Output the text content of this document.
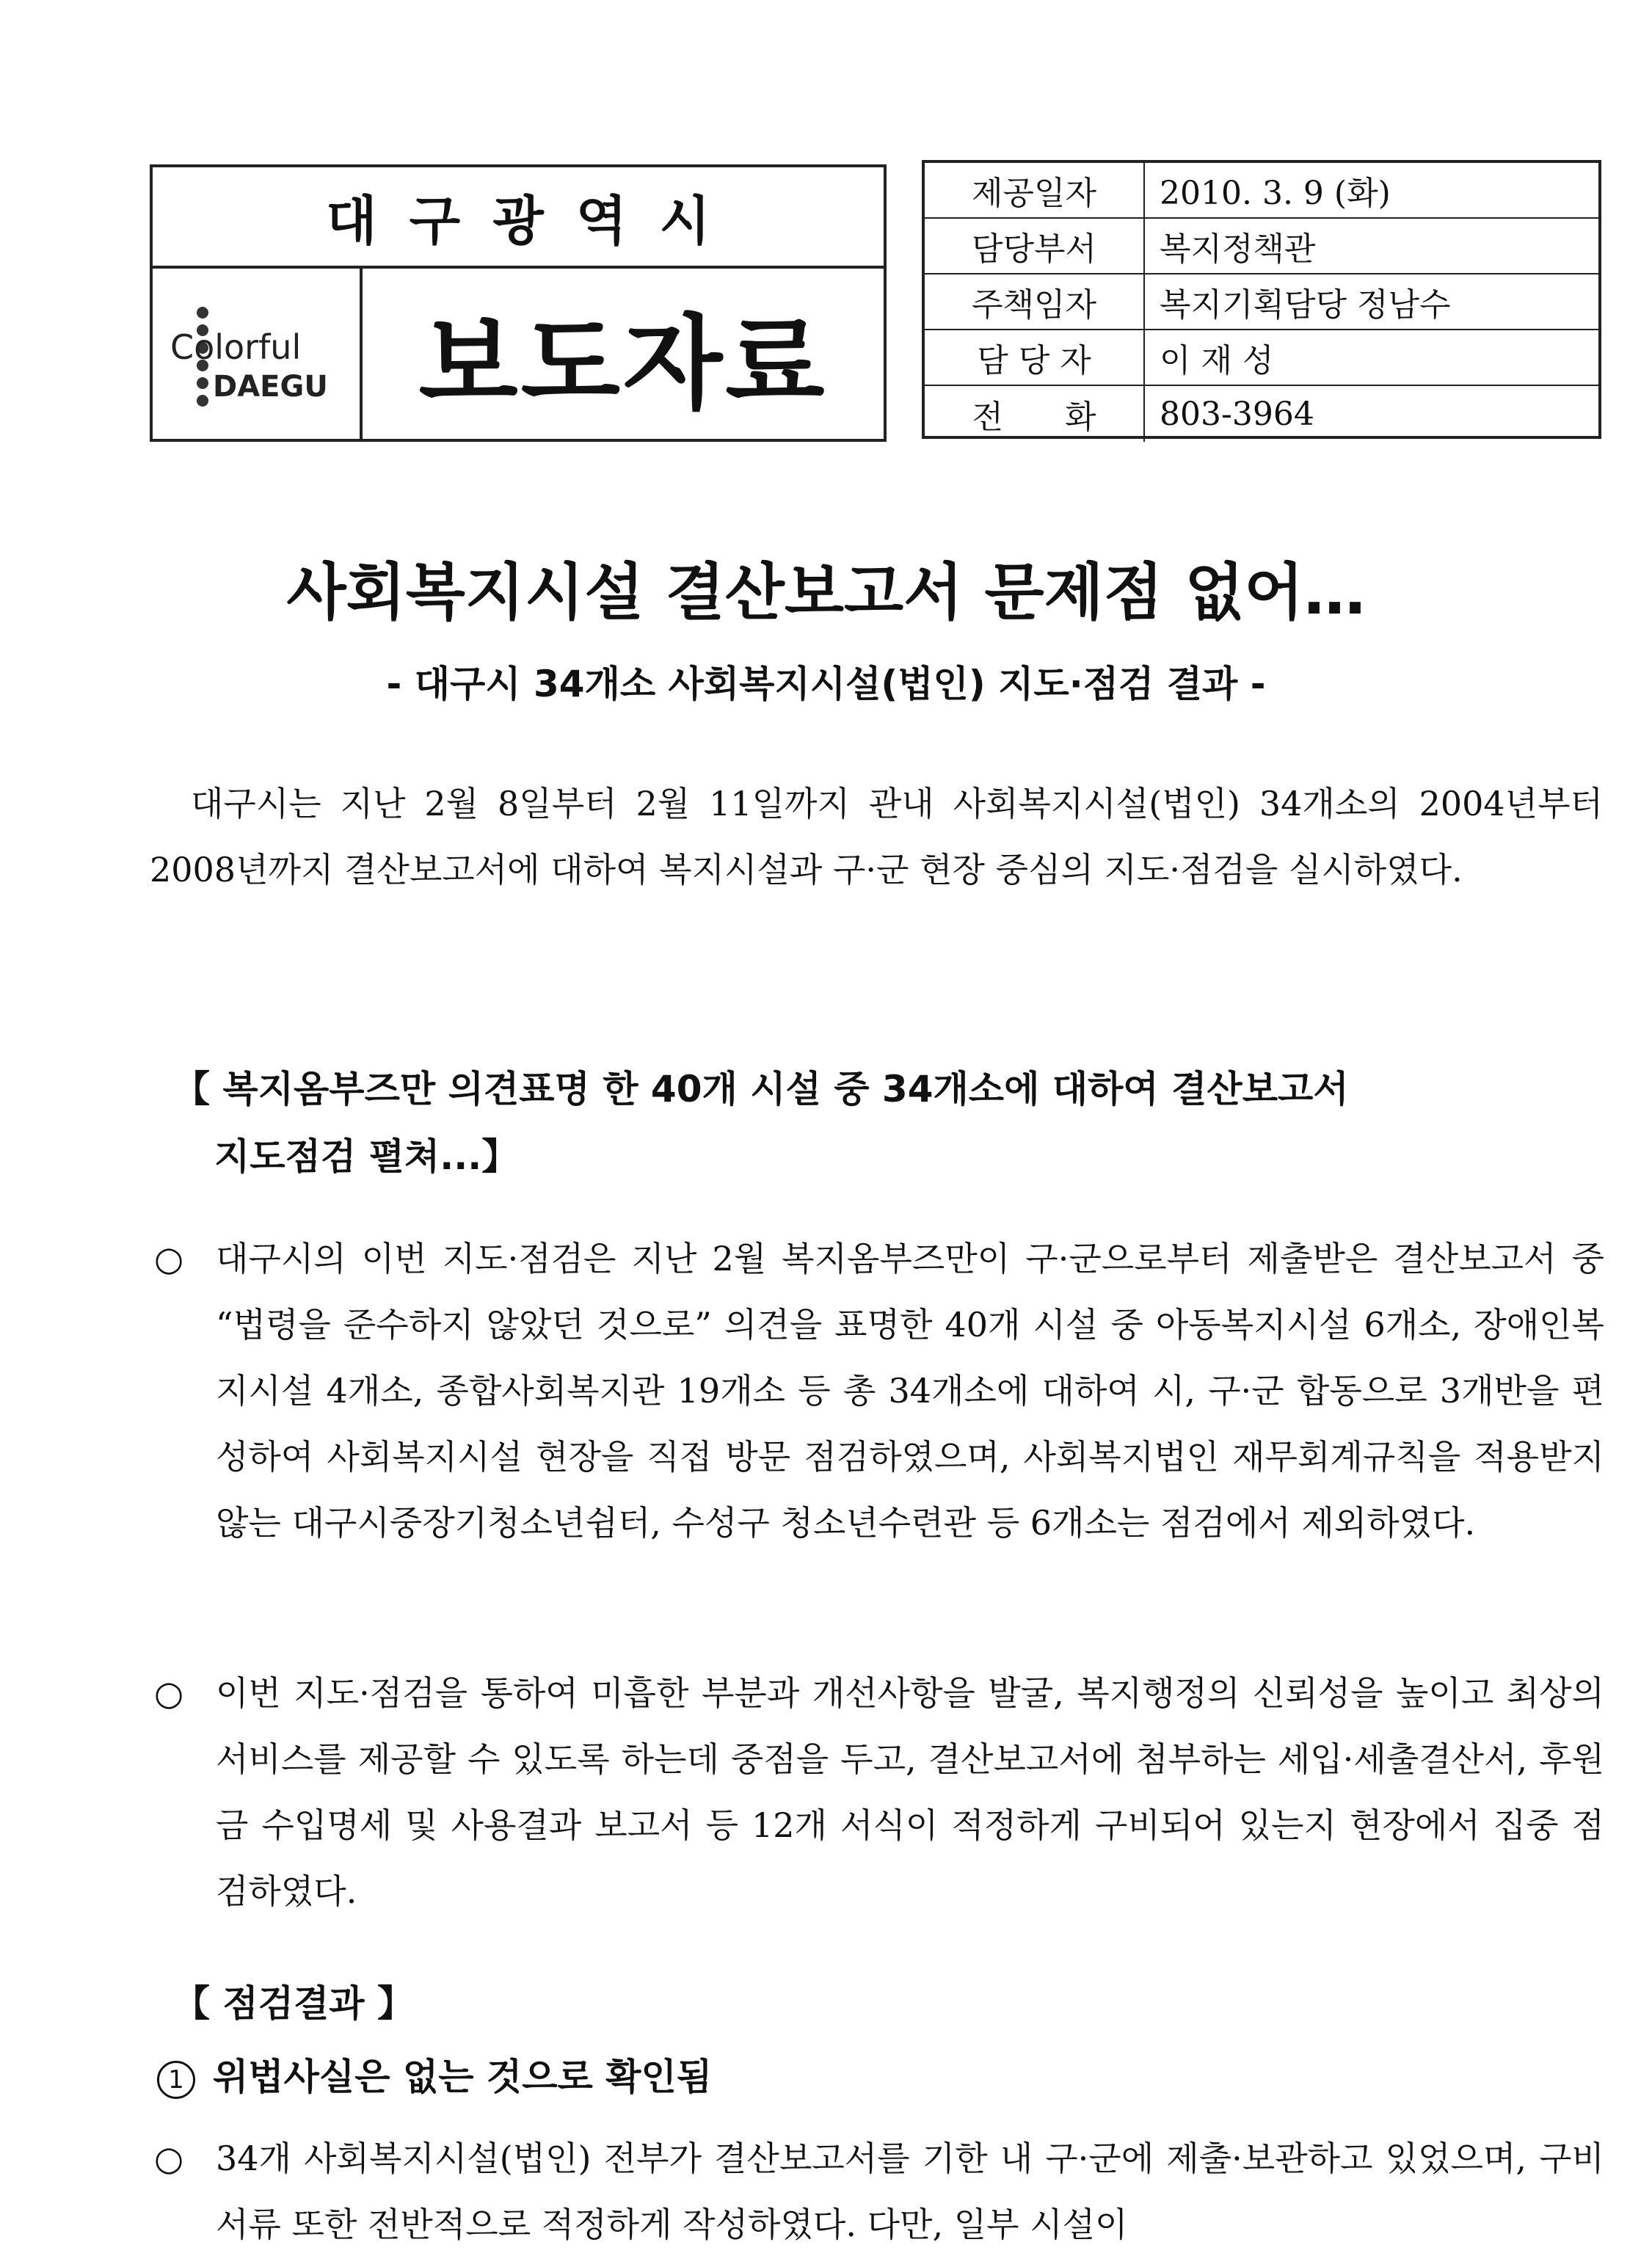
대구광역시
Colorful
DAEGU 보도자료
제공일자	2010. 3. 9 (화)
담당부서	복지정책관
주책임자	복지기획담당 정남수
담 당 자	이 재 성
전      화	803-3964
사회복지시설 결산보고서 문제점 없어…
- 대구시 34개소 사회복지시설(법인) 지도·점검 결과 -
대구시는 지난 2월 8일부터 2월 11일까지 관내 사회복지시설(법인) 34개소의 2004년부터 2008년까지 결산보고서에 대하여 복지시설과 구·군 현장 중심의 지도·점검을 실시하였다.
【 복지옴부즈만 의견표명 한 40개 시설 중 34개소에 대하여 결산보고서
지도점검 펼쳐...】
○ 대구시의 이번 지도·점검은 지난 2월 복지옴부즈만이 구·군으로부터 제출받은 결산보고서 중 “법령을 준수하지 않았던 것으로” 의견을 표명한 40개 시설 중 아동복지시설 6개소, 장애인복지시설 4개소, 종합사회복지관 19개소 등 총 34개소에 대하여 시, 구·군 합동으로 3개반을 편성하여 사회복지시설 현장을 직접 방문 점검하였으며, 사회복지법인 재무회계규칙을 적용받지 않는 대구시중장기청소년쉼터, 수성구 청소년수련관 등 6개소는 점검에서 제외하였다.
○ 이번 지도·점검을 통하여 미흡한 부분과 개선사항을 발굴, 복지행정의 신뢰성을 높이고 최상의 서비스를 제공할 수 있도록 하는데 중점을 두고, 결산보고서에 첨부하는 세입·세출결산서, 후원금 수입명세 및 사용결과 보고서 등 12개 서식이 적정하게 구비되어 있는지 현장에서 집중 점검하였다.
【 점검결과 】
1 위법사실은 없는 것으로 확인됨
○ 34개 사회복지시설(법인) 전부가 결산보고서를 기한 내 구·군에 제출·보관하고 있었으며, 구비서류 또한 전반적으로 적정하게 작성하였다. 다만, 일부 시설이
